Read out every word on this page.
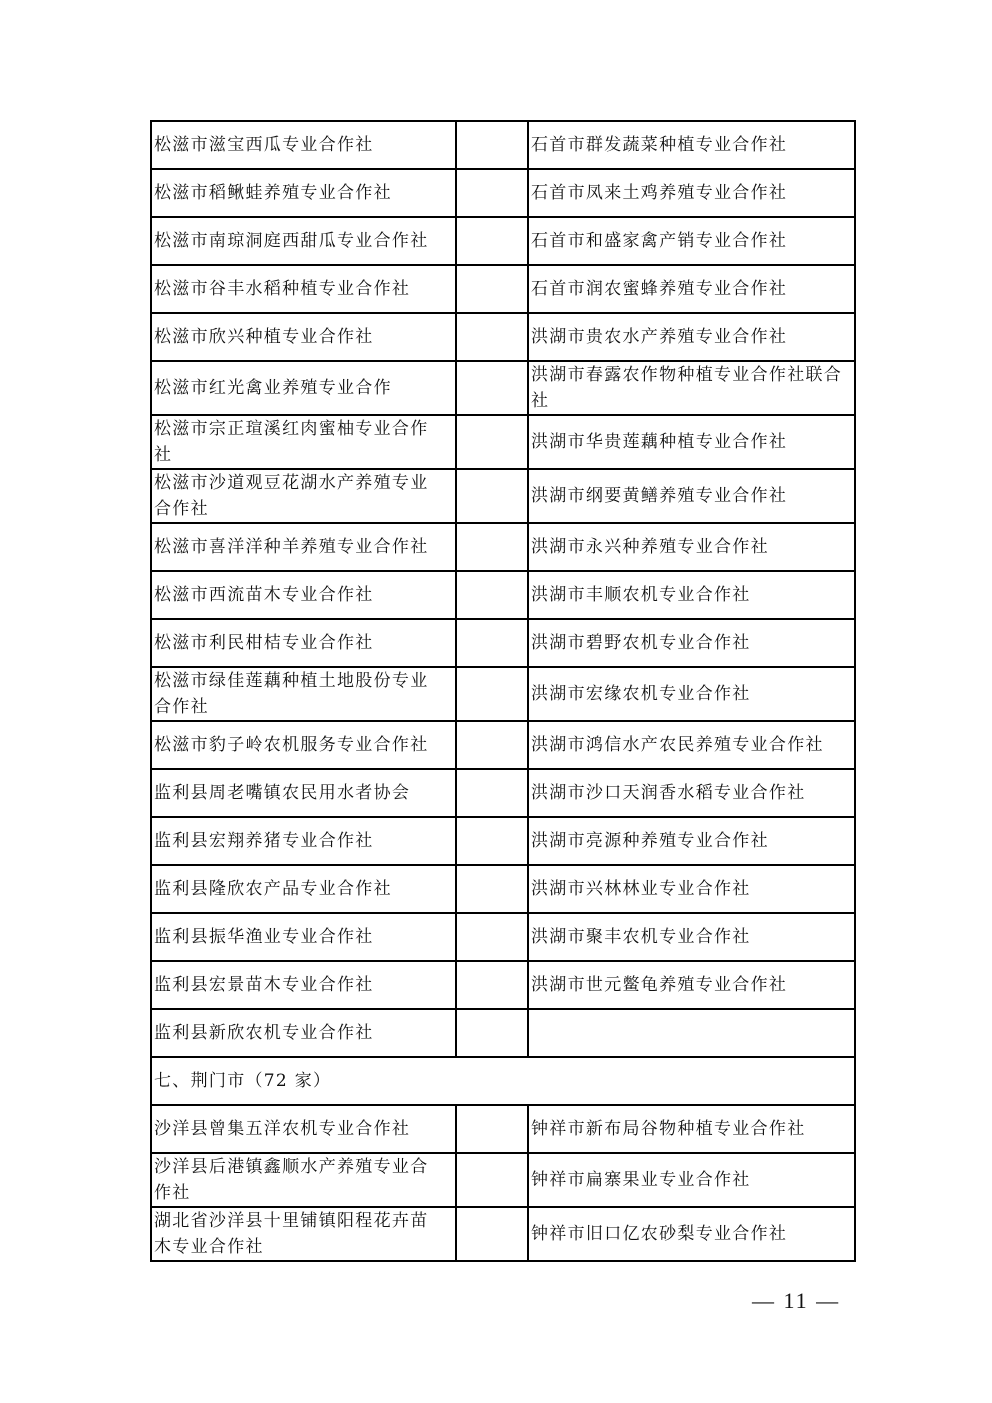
松滋市滋宝西瓜专业合作社		石首市群发蔬菜种植专业合作社
松滋市稻鳅蛙养殖专业合作社		石首市凤来土鸡养殖专业合作社
松滋市南琼洞庭西甜瓜专业合作社		石首市和盛家禽产销专业合作社
松滋市谷丰水稻种植专业合作社		石首市润农蜜蜂养殖专业合作社
松滋市欣兴种植专业合作社		洪湖市贵农水产养殖专业合作社
松滋市红光禽业养殖专业合作		洪湖市春露农作物种植专业合作社联合社
松滋市宗正瑄溪红肉蜜柚专业合作社		洪湖市华贵莲藕种植专业合作社
松滋市沙道观豆花湖水产养殖专业合作社		洪湖市纲要黄鳝养殖专业合作社
松滋市喜洋洋种羊养殖专业合作社		洪湖市永兴种养殖专业合作社
松滋市西流苗木专业合作社		洪湖市丰顺农机专业合作社
松滋市利民柑桔专业合作社		洪湖市碧野农机专业合作社
松滋市绿佳莲藕种植土地股份专业合作社		洪湖市宏缘农机专业合作社
松滋市豹子岭农机服务专业合作社		洪湖市鸿信水产农民养殖专业合作社
监利县周老嘴镇农民用水者协会		洪湖市沙口天润香水稻专业合作社
监利县宏翔养猪专业合作社		洪湖市亮源种养殖专业合作社
监利县隆欣农产品专业合作社		洪湖市兴林林业专业合作社
监利县振华渔业专业合作社		洪湖市聚丰农机专业合作社
监利县宏景苗木专业合作社		洪湖市世元鳖龟养殖专业合作社
监利县新欣农机专业合作社		
七、荆门市（72 家）		
沙洋县曾集五洋农机专业合作社		钟祥市新布局谷物种植专业合作社
沙洋县后港镇鑫顺水产养殖专业合作社		钟祥市扁寨果业专业合作社
湖北省沙洋县十里铺镇阳程花卉苗木专业合作社		钟祥市旧口亿农砂梨专业合作社
— 11 —
